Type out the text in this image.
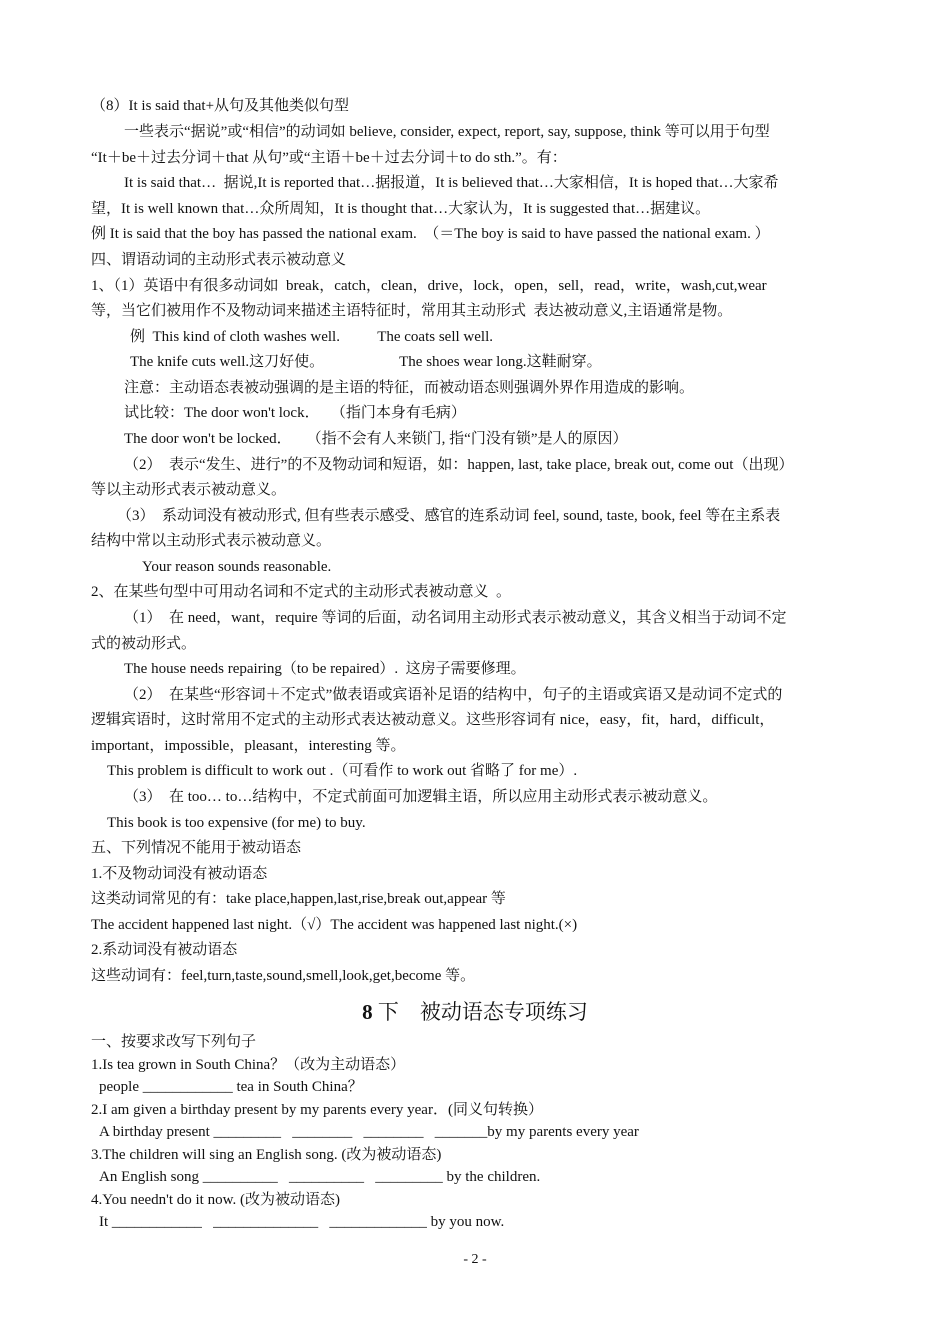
（8）It is said that+从句及其他类似句型
一些表示“据说”或“相信”的动词如 believe, consider, expect, report, say, suppose, think 等可以用于句型
“It＋be＋过去分词＋that 从句”或“主语＋be＋过去分词＋to do sth.”。有：
It is said that…  据说,It is reported that…据报道，It is believed that…大家相信，It is hoped that…大家希
望，It is well known that…众所周知，It is thought that…大家认为，It is suggested that…据建议。
例 It is said that the boy has passed the national exam.  （＝The boy is said to have passed the national exam. ）
四、谓语动词的主动形式表示被动意义
1、（1）英语中有很多动词如  break，catch，clean，drive，lock，open，sell，read，write，wash,cut,wear
等，当它们被用作不及物动词来描述主语特征时，常用其主动形式  表达被动意义,主语通常是物。
例  This kind of cloth washes well.          The coats sell well.
The knife cuts well.这刀好使。                    The shoes wear long.这鞋耐穿。
注意：主动语态表被动强调的是主语的特征，而被动语态则强调外界作用造成的影响。
试比较：The door won't lock．   （指门本身有毛病）
The door won't be locked．    （指不会有人来锁门, 指“门没有锁”是人的原因）
（2）  表示“发生、进行”的不及物动词和短语，如：happen, last, take place, break out, come out（出现）
等以主动形式表示被动意义。
（3）  系动词没有被动形式, 但有些表示感受、感官的连系动词 feel, sound, taste, book, feel 等在主系表
结构中常以主动形式表示被动意义。
Your reason sounds reasonable.
2、在某些句型中可用动名词和不定式的主动形式表被动意义  。
（1）  在 need，want，require 等词的后面，动名词用主动形式表示被动意义，其含义相当于动词不定
式的被动形式。
The house needs repairing（to be repaired）.  这房子需要修理。
（2）  在某些“形容词＋不定式”做表语或宾语补足语的结构中，句子的主语或宾语又是动词不定式的
逻辑宾语时，这时常用不定式的主动形式表达被动意义。这些形容词有 nice，easy，fit，hard，difficult，
important，impossible，pleasant，interesting 等。
This problem is difficult to work out .（可看作 to work out 省略了 for me）.
（3）  在 too… to…结构中，不定式前面可加逻辑主语，所以应用主动形式表示被动意义。
This book is too expensive (for me) to buy.
五、下列情况不能用于被动语态
1.不及物动词没有被动语态
这类动词常见的有：take place,happen,last,rise,break out,appear 等
The accident happened last night.（√）The accident was happened last night.(×)
2.系动词没有被动语态
这些动词有：feel,turn,taste,sound,smell,look,get,become 等。
8 下    被动语态专项练习
一、按要求改写下列句子
1.Is tea grown in South China？（改为主动语态）
people ____________ tea in South China？
2.I am given a birthday present by my parents every year．(同义句转换）
A birthday present _________   ________   ________   _______by my parents every year
3.The children will sing an English song. (改为被动语态)
An English song __________   __________   _________ by the children.
4.You needn't do it now. (改为被动语态)
It ____________   ______________   _____________ by you now.
- 2 -
